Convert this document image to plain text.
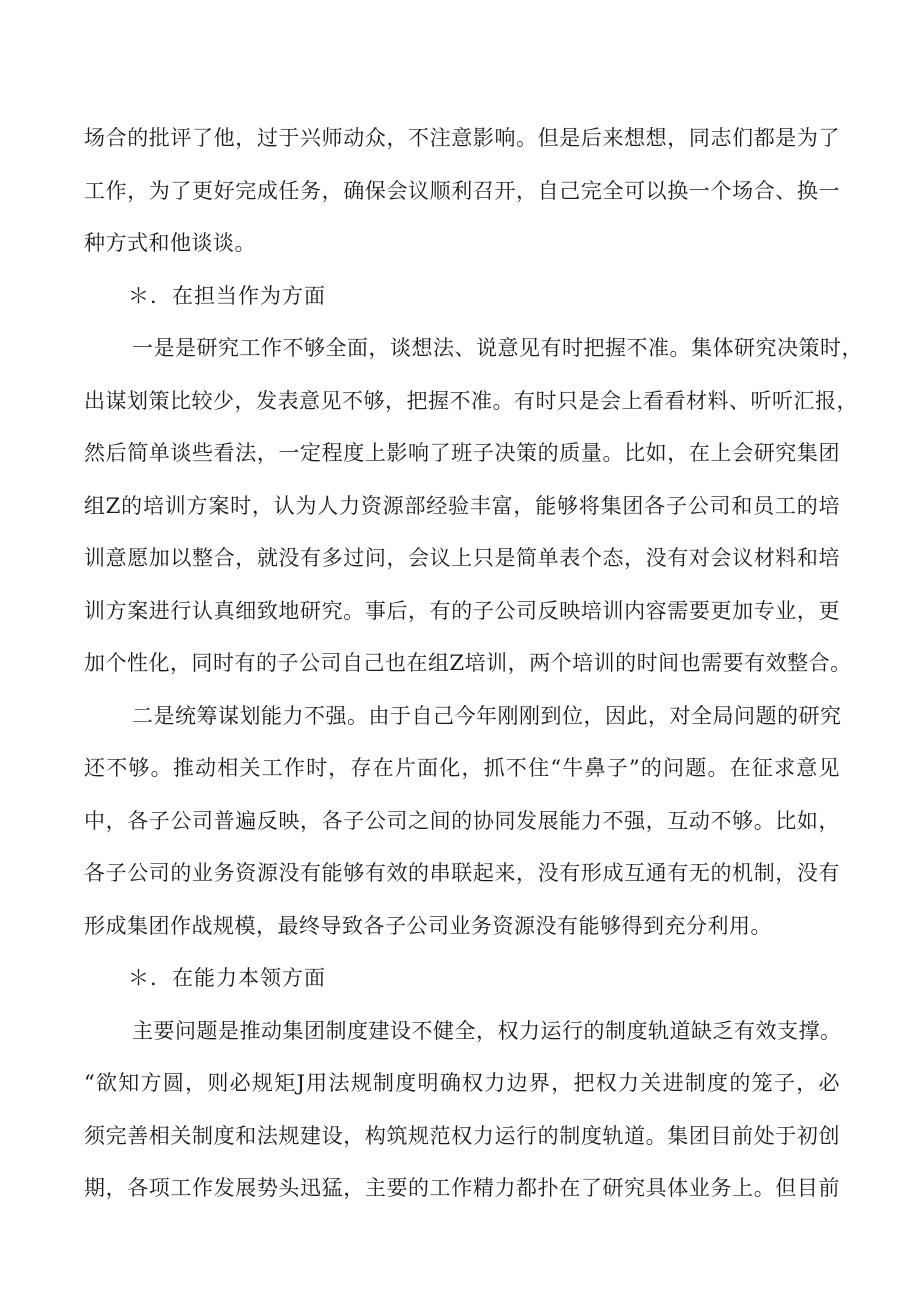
场合的批评了他，过于兴师动众，不注意影响。但是后来想想，同志们都是为了
工作，为了更好完成任务，确保会议顺利召开，自己完全可以换一个场合、换一
种方式和他谈谈。
＊．在担当作为方面
一是是研究工作不够全面，谈想法、说意见有时把握不准。集体研究决策时，
出谋划策比较少，发表意见不够，把握不准。有时只是会上看看材料、听听汇报，
然后简单谈些看法，一定程度上影响了班子决策的质量。比如，在上会研究集团
组Z的培训方案时，认为人力资源部经验丰富，能够将集团各子公司和员工的培
训意愿加以整合，就没有多过问，会议上只是简单表个态，没有对会议材料和培
训方案进行认真细致地研究。事后，有的子公司反映培训内容需要更加专业，更
加个性化，同时有的子公司自己也在组Z培训，两个培训的时间也需要有效整合。
二是统筹谋划能力不强。由于自己今年刚刚到位，因此，对全局问题的研究
还不够。推动相关工作时，存在片面化，抓不住“牛鼻子”的问题。在征求意见
中，各子公司普遍反映，各子公司之间的协同发展能力不强，互动不够。比如，
各子公司的业务资源没有能够有效的串联起来，没有形成互通有无的机制，没有
形成集团作战规模，最终导致各子公司业务资源没有能够得到充分利用。
＊．在能力本领方面
主要问题是推动集团制度建设不健全，权力运行的制度轨道缺乏有效支撑。
“欲知方圆，则必规矩J用法规制度明确权力边界，把权力关进制度的笼子，必
须完善相关制度和法规建设，构筑规范权力运行的制度轨道。集团目前处于初创
期，各项工作发展势头迅猛，主要的工作精力都扑在了研究具体业务上。但目前
